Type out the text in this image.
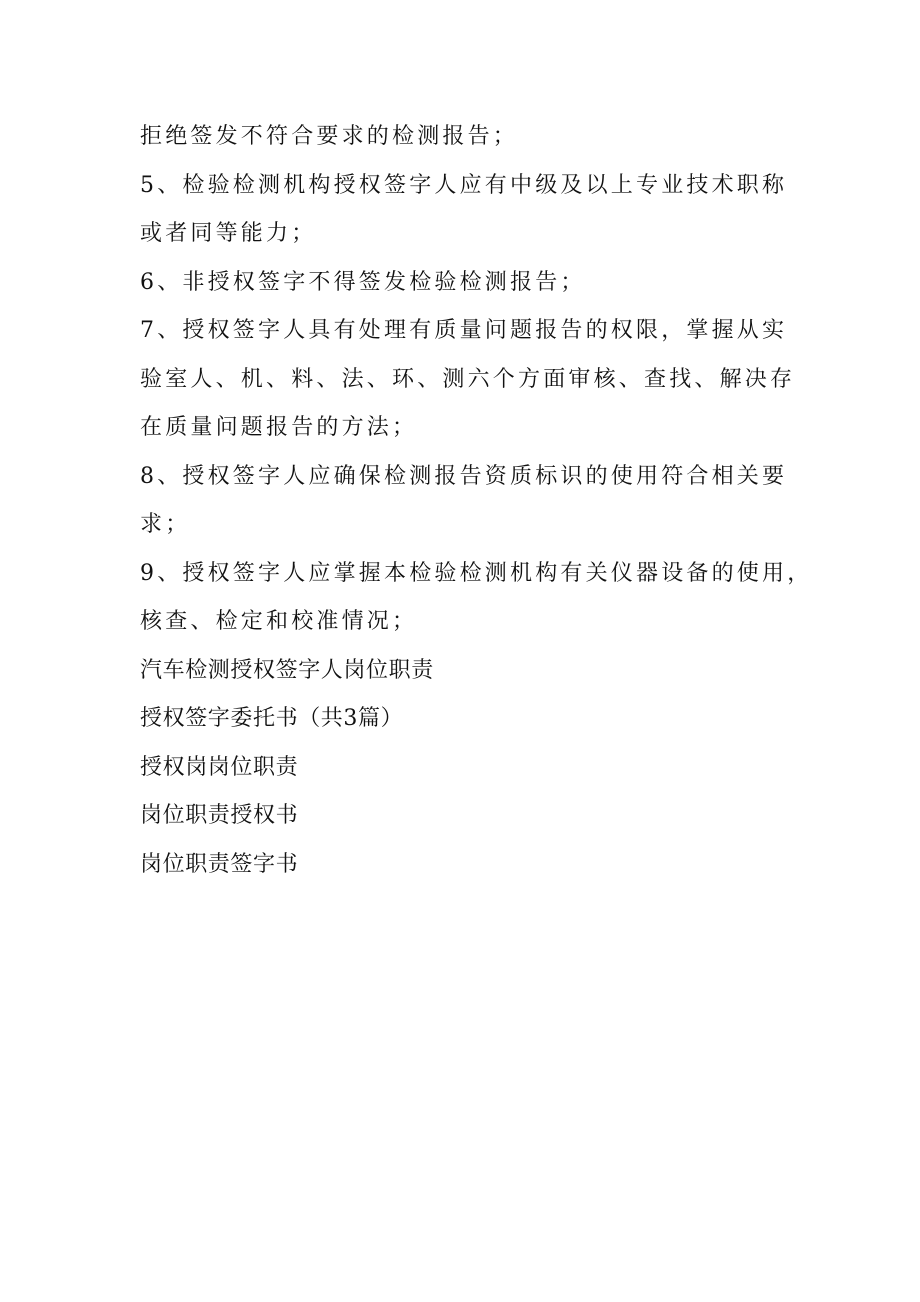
拒绝签发不符合要求的检测报告；
5、检验检测机构授权签字人应有中级及以上专业技术职称
或者同等能力；
6、非授权签字不得签发检验检测报告；
7、授权签字人具有处理有质量问题报告的权限，掌握从实
验室人、机、料、法、环、测六个方面审核、查找、解决存
在质量问题报告的方法；
8、授权签字人应确保检测报告资质标识的使用符合相关要
求；
9、授权签字人应掌握本检验检测机构有关仪器设备的使用，
核查、检定和校准情况；
汽车检测授权签字人岗位职责
授权签字委托书（共3篇）
授权岗岗位职责
岗位职责授权书
岗位职责签字书
